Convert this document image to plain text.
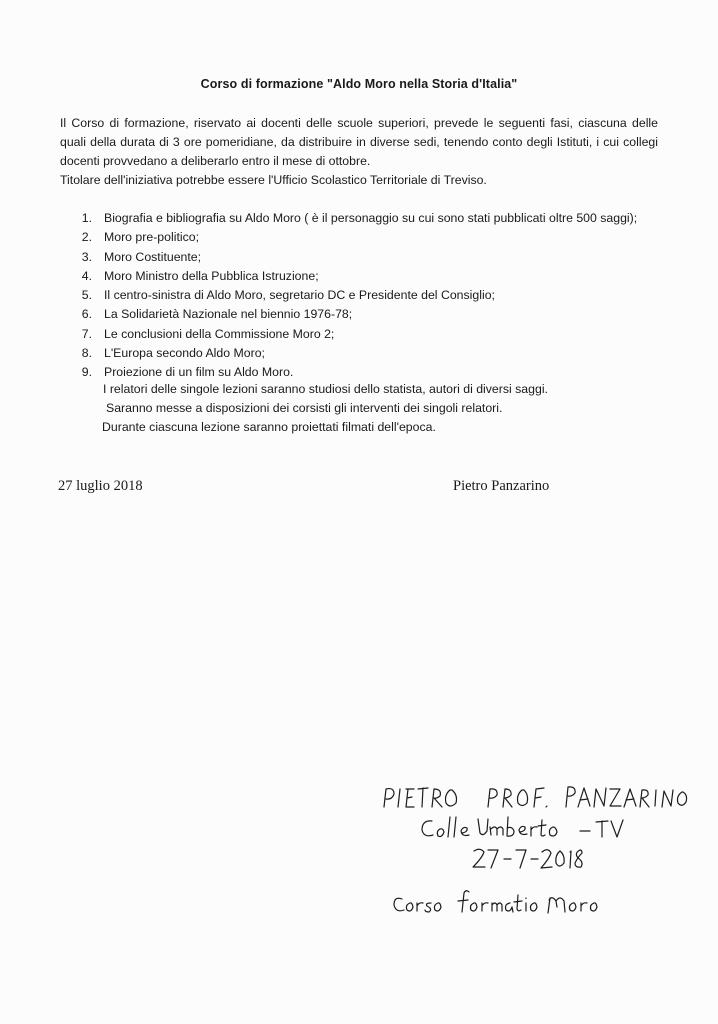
Corso di formazione "Aldo Moro nella Storia d'Italia"

Il Corso di formazione, riservato ai docenti delle scuole superiori, prevede le seguenti fasi, ciascuna delle quali della durata di 3 ore pomeridiane, da distribuire in diverse sedi, tenendo conto degli Istituti, i cui collegi docenti provvedano a deliberarlo entro il mese di ottobre.

Titolare dell'iniziativa potrebbe essere l'Ufficio Scolastico Territoriale di Treviso.

1. Biografia e bibliografia su Aldo Moro ( è il personaggio su cui sono stati pubblicati oltre 500 saggi);
2. Moro pre-politico;
3. Moro Costituente;
4. Moro Ministro della Pubblica Istruzione;
5. Il centro-sinistra di Aldo Moro, segretario DC e Presidente del Consiglio;
6. La Solidarietà Nazionale nel biennio 1976-78;
7. Le conclusioni della Commissione Moro 2;
8. L'Europa secondo Aldo Moro;
9. Proiezione di un film su Aldo Moro.
I relatori delle singole lezioni saranno studiosi dello statista, autori di diversi saggi.
Saranno messe a disposizioni dei corsisti gli interventi dei singoli relatori.
Durante ciascuna lezione saranno proiettati filmati dell'epoca.
27 luglio 2018	Pietro Panzarino
